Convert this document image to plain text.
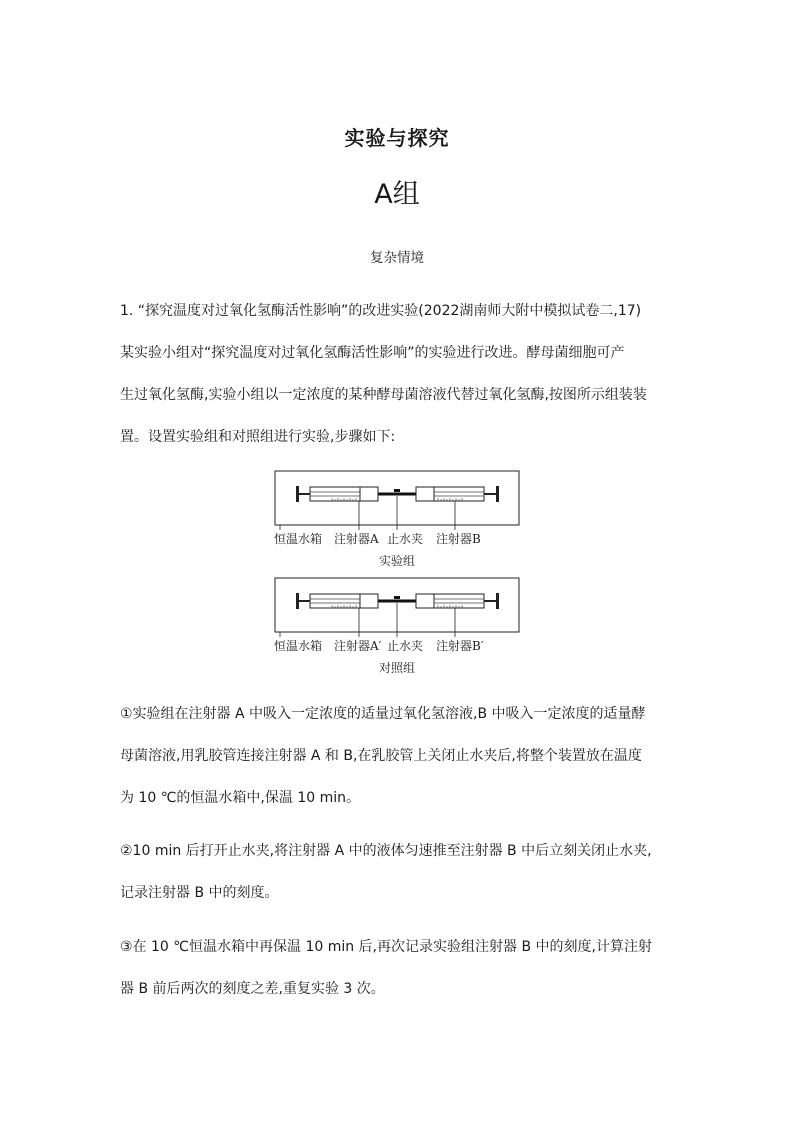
实验与探究
A组
复杂情境
1. “探究温度对过氧化氢酶活性影响”的改进实验(2022湖南师大附中模拟试卷二,17)
某实验小组对“探究温度对过氧化氢酶活性影响”的实验进行改进。酵母菌细胞可产
生过氧化氢酶,实验小组以一定浓度的某种酵母菌溶液代替过氧化氢酶,按图所示组装装
置。设置实验组和对照组进行实验,步骤如下:
恒温水箱 注射器A 止水夹 注射器B
实验组
恒温水箱 注射器A′ 止水夹 注射器B′
对照组
①实验组在注射器 A 中吸入一定浓度的适量过氧化氢溶液,B 中吸入一定浓度的适量酵
母菌溶液,用乳胶管连接注射器 A 和 B,在乳胶管上关闭止水夹后,将整个装置放在温度
为 10 ℃的恒温水箱中,保温 10 min。
②10 min 后打开止水夹,将注射器 A 中的液体匀速推至注射器 B 中后立刻关闭止水夹,
记录注射器 B 中的刻度。
③在 10 ℃恒温水箱中再保温 10 min 后,再次记录实验组注射器 B 中的刻度,计算注射
器 B 前后两次的刻度之差,重复实验 3 次。
